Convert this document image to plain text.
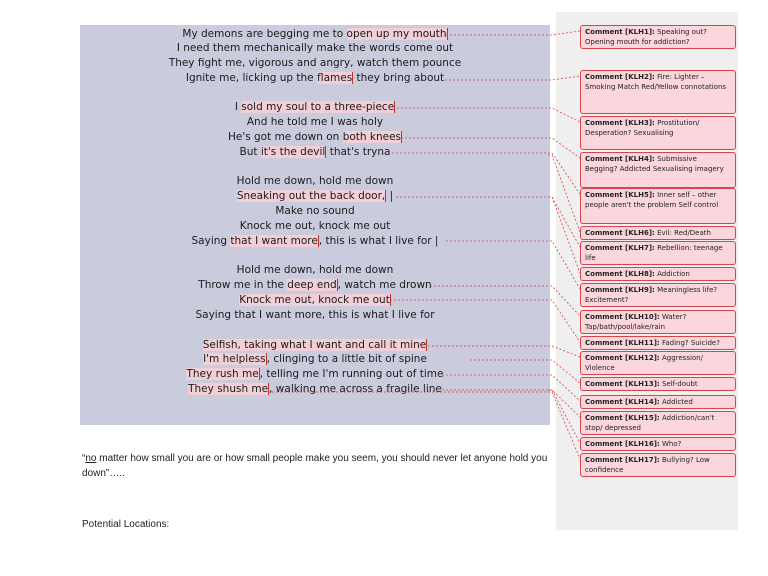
My demons are begging me to open up my mouth
I need them mechanically make the words come out
They fight me, vigorous and angry, watch them pounce
Ignite me, licking up the flames they bring about
I sold my soul to a three-piece
And he told me I was holy
He's got me down on both knees
But it's the devil that's tryna
Hold me down, hold me down
Sneaking out the back door, |
Make no sound
Knock me out, knock me out
Saying that I want more, this is what I live for |
Hold me down, hold me down
Throw me in the deep end, watch me drown
Knock me out, knock me out
Saying that I want more, this is what I live for
Selfish, taking what I want and call it mine
I'm helpless, clinging to a little bit of spine
They rush me, telling me I'm running out of time
They shush me, walking me across a fragile line
Comment [KLH1]: Speaking out? Opening mouth for addiction?
Comment [KLH2]: Fire: Lighter – Smoking Match Red/Yellow connotations
Comment [KLH3]: Prostitution/ Desperation? Sexualising
Comment [KLH4]: Submissive Begging? Addicted Sexualising imagery
Comment [KLH5]: Inner self – other people aren't the problem Self control
Comment [KLH6]: Evil: Red/Death
Comment [KLH7]: Rebellion: teenage life
Comment [KLH8]: Addiction
Comment [KLH9]: Meaningless life? Excitement?
Comment [KLH10]: Water? Tap/bath/pool/lake/rain
Comment [KLH11]: Fading? Suicide?
Comment [KLH12]: Aggression/ Violence
Comment [KLH13]: Self-doubt
Comment [KLH14]: Addicted
Comment [KLH15]: Addiction/can't stop/ depressed
Comment [KLH16]: Who?
Comment [KLH17]: Bullying? Low confidence
“no matter how small you are or how small people make you seem, you should never let anyone hold you down”…..
Potential Locations:
